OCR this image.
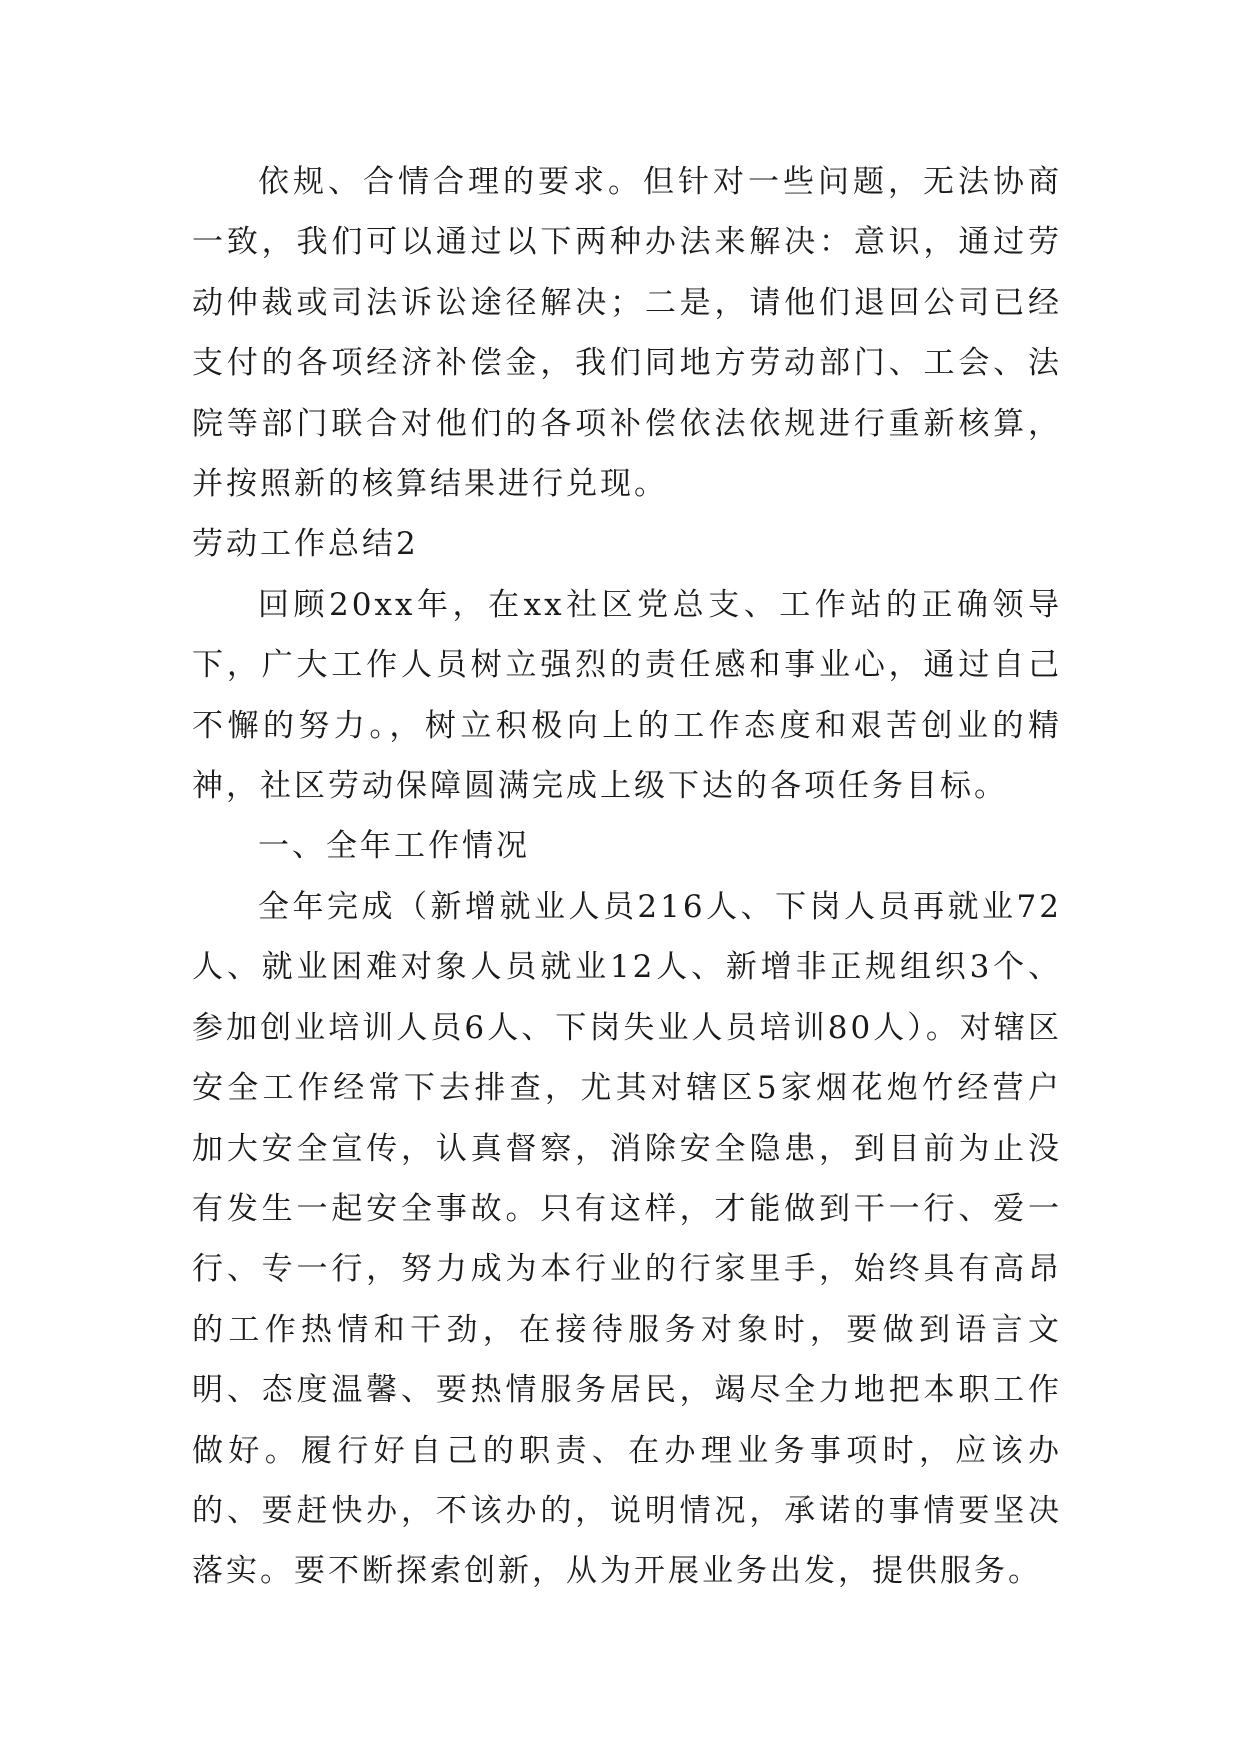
依规、合情合理的要求。但针对一些问题，无法协商一致，我们可以通过以下两种办法来解决：意识，通过劳动仲裁或司法诉讼途径解决；二是，请他们退回公司已经支付的各项经济补偿金，我们同地方劳动部门、工会、法院等部门联合对他们的各项补偿依法依规进行重新核算，并按照新的核算结果进行兑现。

劳动工作总结2

回顾20xx年，在xx社区党总支、工作站的正确领导下，广大工作人员树立强烈的责任感和事业心，通过自己不懈的努力。，树立积极向上的工作态度和艰苦创业的精神，社区劳动保障圆满完成上级下达的各项任务目标。

一、全年工作情况

全年完成（新增就业人员216人、下岗人员再就业72人、就业困难对象人员就业12人、新增非正规组织3个、参加创业培训人员6人、下岗失业人员培训80人）。对辖区安全工作经常下去排查，尤其对辖区5家烟花炮竹经营户加大安全宣传，认真督察，消除安全隐患，到目前为止没有发生一起安全事故。只有这样，才能做到干一行、爱一行、专一行，努力成为本行业的行家里手，始终具有高昂的工作热情和干劲，在接待服务对象时，要做到语言文明、态度温馨、要热情服务居民，竭尽全力地把本职工作做好。履行好自己的职责、在办理业务事项时，应该办的、要赶快办，不该办的，说明情况，承诺的事情要坚决落实。要不断探索创新，从为开展业务出发，提供服务。
